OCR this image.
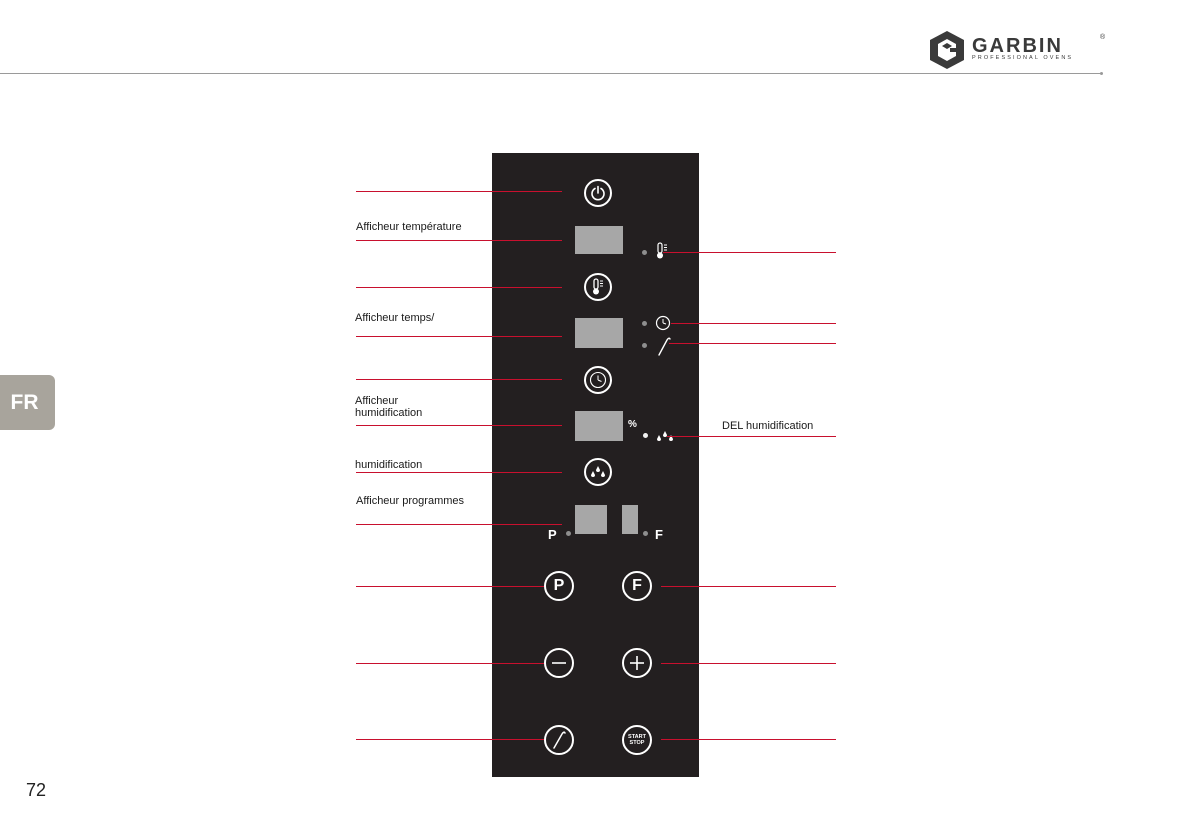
GARBIN	®
PROFESSIONAL OVENS
FR
72
%
P	F
P	F
START STOP
Afficheur température
Afficheur temps/
Afficheur
humidification
humidification
Afficheur programmes
DEL humidification
